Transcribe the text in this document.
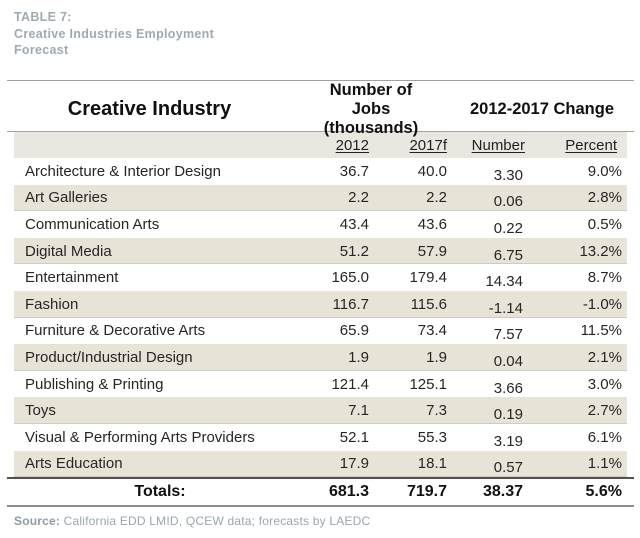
TABLE 7:
Creative Industries Employment
Forecast
Creative Industry
Number of Jobs (thousands)
2012-2017 Change
2012	2017f	Number	Percent
Architecture & Interior Design	36.7	40.0	3.30	9.0%
Art Galleries	2.2	2.2	0.06	2.8%
Communication Arts	43.4	43.6	0.22	0.5%
Digital Media	51.2	57.9	6.75	13.2%
Entertainment	165.0	179.4	14.34	8.7%
Fashion	116.7	115.6	-1.14	-1.0%
Furniture & Decorative Arts	65.9	73.4	7.57	11.5%
Product/Industrial Design	1.9	1.9	0.04	2.1%
Publishing & Printing	121.4	125.1	3.66	3.0%
Toys	7.1	7.3	0.19	2.7%
Visual & Performing Arts Providers	52.1	55.3	3.19	6.1%
Arts Education	17.9	18.1	0.57	1.1%
Totals:	681.3	719.7	38.37	5.6%
Source: California EDD LMID, QCEW data; forecasts by LAEDC
